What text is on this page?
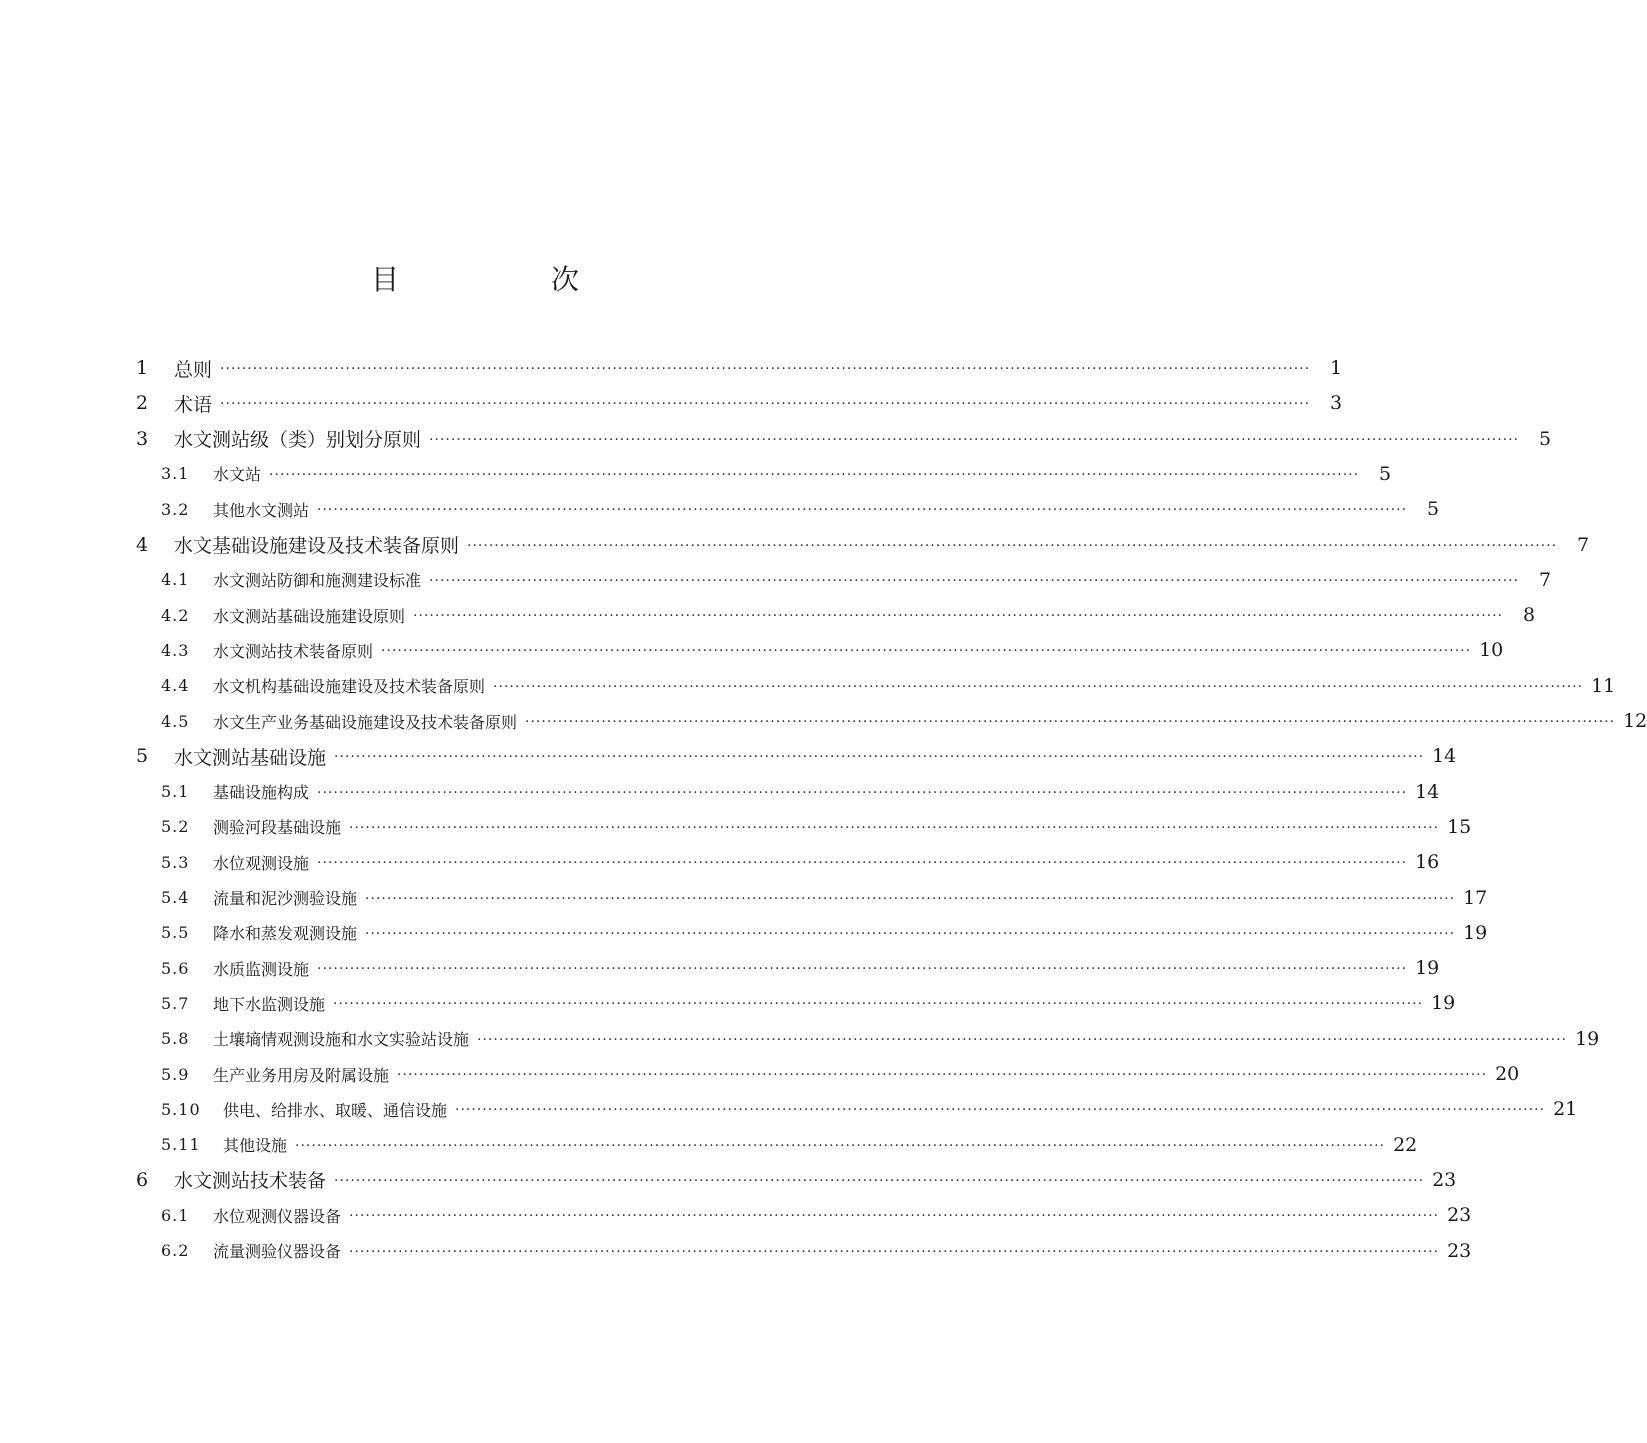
目　次
1	总则 ········································································································································································································	1
2	术语 ········································································································································································································	3
3	水文测站级（类）别划分原则 ········································································································································································································	5
3.1	水文站 ········································································································································································································	5
3.2	其他水文测站 ········································································································································································································	5
4	水文基础设施建设及技术装备原则 ········································································································································································································	7
4.1	水文测站防御和施测建设标准 ········································································································································································································	7
4.2	水文测站基础设施建设原则 ········································································································································································································	8
4.3	水文测站技术装备原则 ········································································································································································································ 10
4.4	水文机构基础设施建设及技术装备原则 ········································································································································································································ 11
4.5	水文生产业务基础设施建设及技术装备原则 ········································································································································································································ 12
5	水文测站基础设施 ········································································································································································································ 14
5.1	基础设施构成 ········································································································································································································ 14
5.2	测验河段基础设施 ········································································································································································································ 15
5.3	水位观测设施 ········································································································································································································ 16
5.4	流量和泥沙测验设施 ········································································································································································································ 17
5.5	降水和蒸发观测设施 ········································································································································································································ 19
5.6	水质监测设施 ········································································································································································································ 19
5.7	地下水监测设施 ········································································································································································································ 19
5.8	土壤墒情观测设施和水文实验站设施 ········································································································································································································ 19
5.9	生产业务用房及附属设施 ········································································································································································································ 20
5.10	供电、给排水、取暖、通信设施 ········································································································································································································ 21
5.11	其他设施 ········································································································································································································ 22
6	水文测站技术装备 ········································································································································································································ 23
6.1	水位观测仪器设备 ········································································································································································································ 23
6.2	流量测验仪器设备 ········································································································································································································ 23
